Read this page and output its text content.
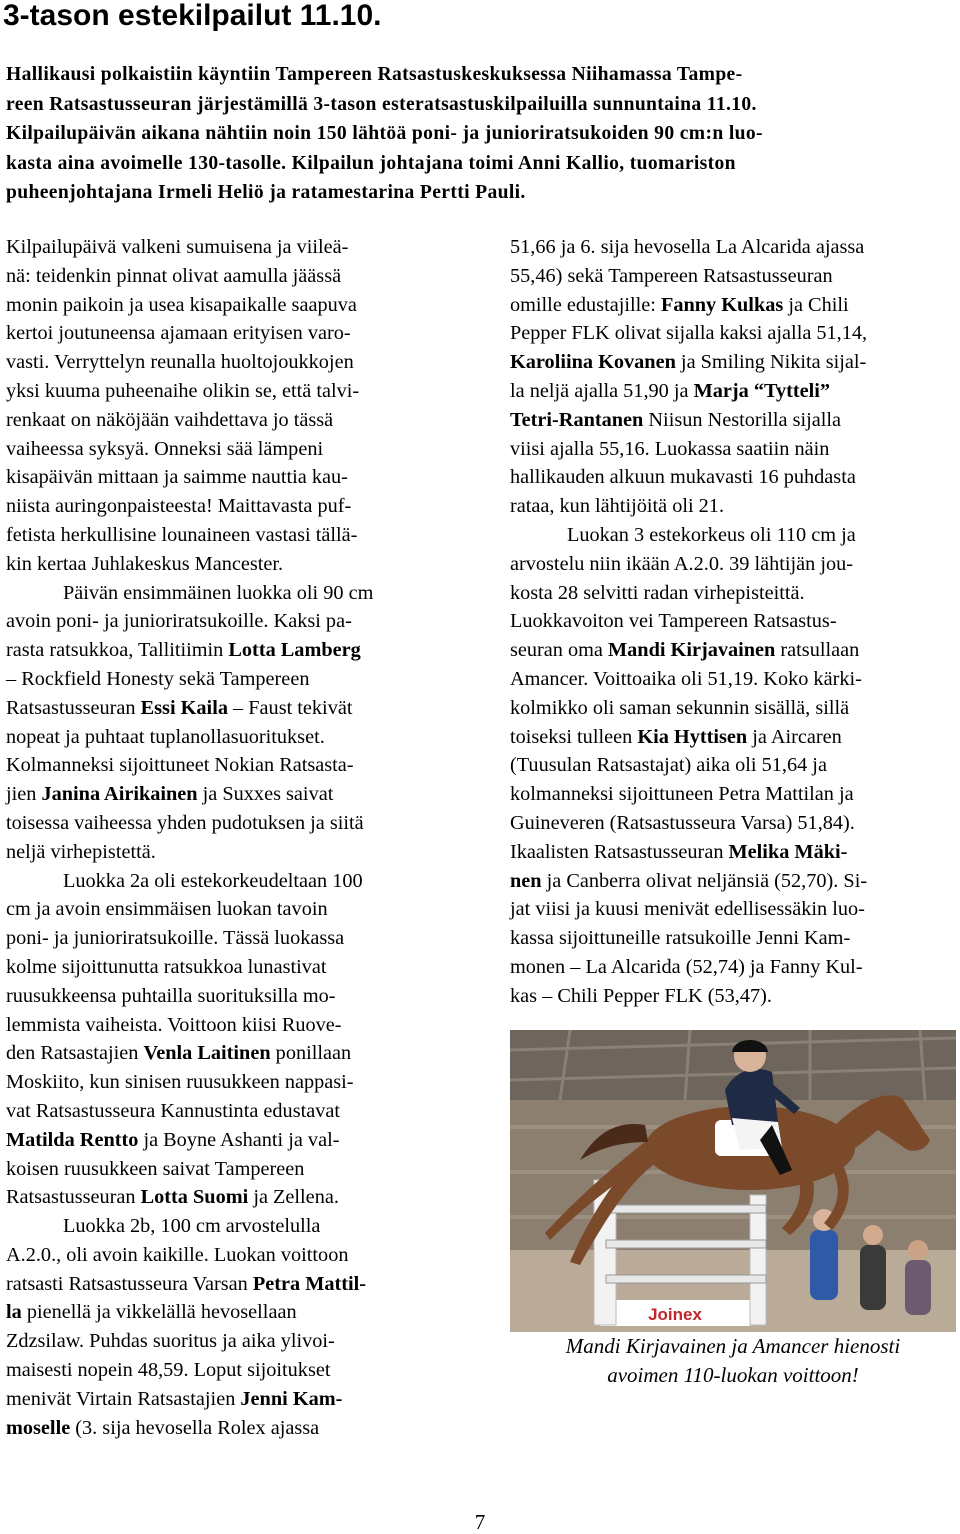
3-tason estekilpailut 11.10.

Hallikausi polkaistiin käyntiin Tampereen Ratsastuskeskuksessa Niihamassa Tampe-
reen Ratsastusseuran järjestämillä 3-tason esteratsastuskilpailuilla sunnuntaina 11.10.
Kilpailupäivän aikana nähtiin noin 150 lähtöä poni- ja junioriratsukoiden 90 cm:n luo-
kasta aina avoimelle 130-tasolle. Kilpailun johtajana toimi Anni Kallio, tuomariston
puheenjohtajana Irmeli Heliö ja ratamestarina Pertti Pauli.

Kilpailupäivä valkeni sumuisena ja viileä-
nä: teidenkin pinnat olivat aamulla jäässä
monin paikoin ja usea kisapaikalle saapuva
kertoi joutuneensa ajamaan erityisen varo-
vasti. Verryttelyn reunalla huoltojoukkojen
yksi kuuma puheenaihe olikin se, että talvi-
renkaat on näköjään vaihdettava jo tässä
vaiheessa syksyä. Onneksi sää lämpeni
kisapäivän mittaan ja saimme nauttia kau-
niista auringonpaisteesta! Maittavasta puf-
fetista herkullisine lounaineen vastasi tällä-
kin kertaa Juhlakeskus Mancester.
Päivän ensimmäinen luokka oli 90 cm
avoin poni- ja junioriratsukoille. Kaksi pa-
rasta ratsukkoa, Tallitiimin Lotta Lamberg
– Rockfield Honesty sekä Tampereen
Ratsastusseuran Essi Kaila – Faust tekivät
nopeat ja puhtaat tuplanollasuoritukset.
Kolmanneksi sijoittuneet Nokian Ratsasta-
jien Janina Airikainen ja Suxxes saivat
toisessa vaiheessa yhden pudotuksen ja siitä
neljä virhepistettä.
Luokka 2a oli estekorkeudeltaan 100
cm ja avoin ensimmäisen luokan tavoin
poni- ja junioriratsukoille. Tässä luokassa
kolme sijoittunutta ratsukkoa lunastivat
ruusukkeensa puhtailla suorituksilla mo-
lemmista vaiheista. Voittoon kiisi Ruove-
den Ratsastajien Venla Laitinen ponillaan
Moskiito, kun sinisen ruusukkeen nappasi-
vat Ratsastusseura Kannustinta edustavat
Matilda Rentto ja Boyne Ashanti ja val-
koisen ruusukkeen saivat Tampereen
Ratsastusseuran Lotta Suomi ja Zellena.
Luokka 2b, 100 cm arvostelulla
A.2.0., oli avoin kaikille. Luokan voittoon
ratsasti Ratsastusseura Varsan Petra Mattil-
la pienellä ja vikkelällä hevosellaan
Zdzsilaw. Puhdas suoritus ja aika ylivoi-
maisesti nopein 48,59. Loput sijoitukset
menivät Virtain Ratsastajien Jenni Kam-
moselle (3. sija hevosella Rolex ajassa
51,66 ja 6. sija hevosella La Alcarida ajassa
55,46) sekä Tampereen Ratsastusseuran
omille edustajille: Fanny Kulkas ja Chili
Pepper FLK olivat sijalla kaksi ajalla 51,14,
Karoliina Kovanen ja Smiling Nikita sijal-
la neljä ajalla 51,90 ja Marja “Tytteli”
Tetri-Rantanen Niisun Nestorilla sijalla
viisi ajalla 55,16. Luokassa saatiin näin
hallikauden alkuun mukavasti 16 puhdasta
rataa, kun lähtijöitä oli 21.
Luokan 3 estekorkeus oli 110 cm ja
arvostelu niin ikään A.2.0. 39 lähtijän jou-
kosta 28 selvitti radan virhepisteittä.
Luokkavoiton vei Tampereen Ratsastus-
seuran oma Mandi Kirjavainen ratsullaan
Amancer. Voittoaika oli 51,19. Koko kärki-
kolmikko oli saman sekunnin sisällä, sillä
toiseksi tulleen Kia Hyttisen ja Aircaren
(Tuusulan Ratsastajat) aika oli 51,64 ja
kolmanneksi sijoittuneen Petra Mattilan ja
Guineveren (Ratsastusseura Varsa) 51,84).
Ikaalisten Ratsastusseuran Melika Mäki-
nen ja Canberra olivat neljänsiä (52,70). Si-
jat viisi ja kuusi menivät edellisessäkin luo-
kassa sijoittuneille ratsukoille Jenni Kam-
monen – La Alcarida (52,74) ja Fanny Kul-
kas – Chili Pepper FLK (53,47).
Joinex

Mandi Kirjavainen ja Amancer hienosti
avoimen 110-luokan voittoon!

7
